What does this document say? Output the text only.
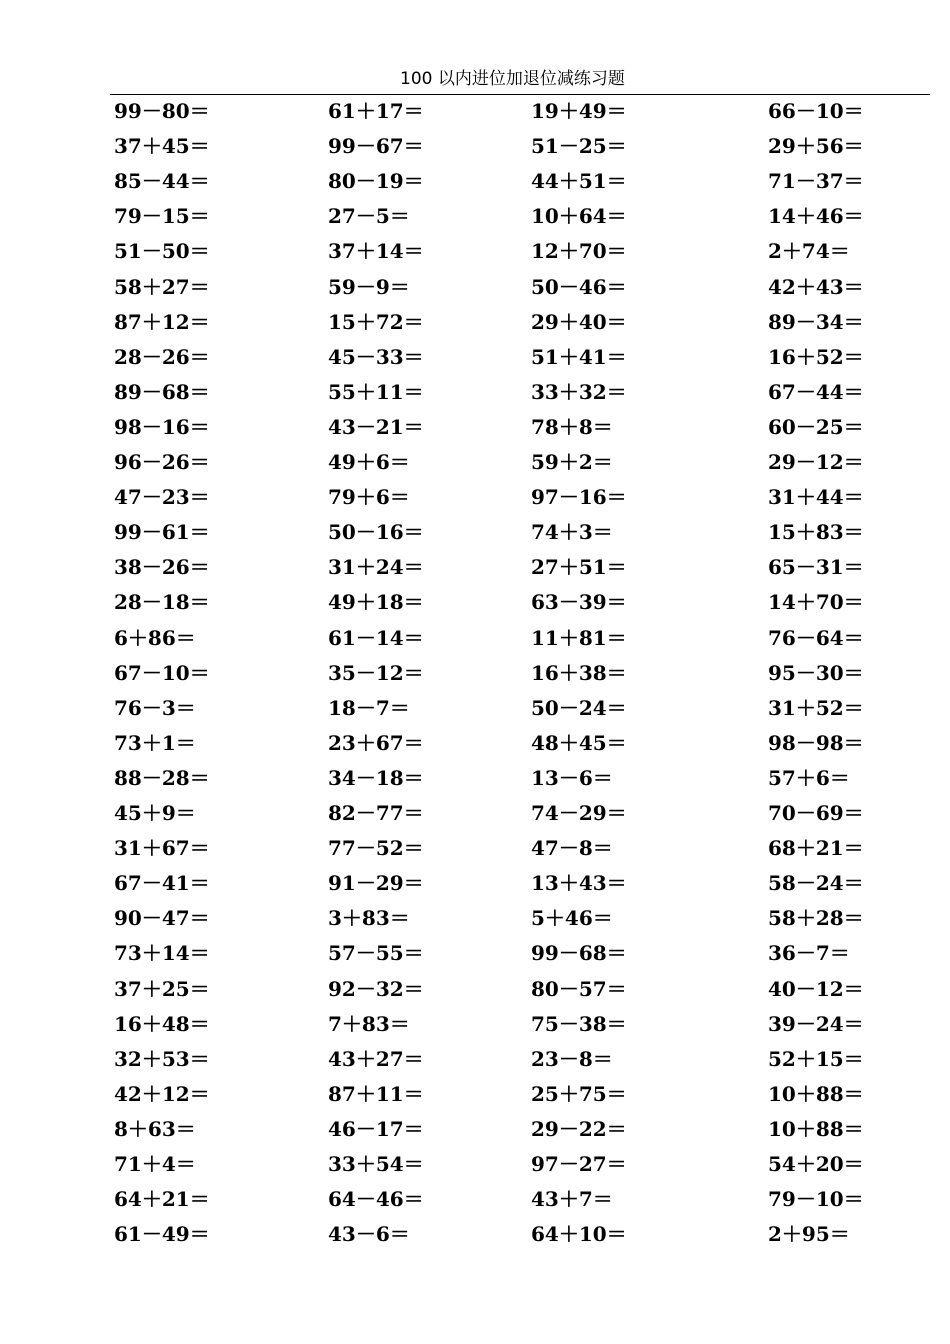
100 以内进位加退位减练习题
99－80＝	61＋17＝	19＋49＝	66－10＝
37＋45＝	99－67＝	51－25＝	29＋56＝
85－44＝	80－19＝	44＋51＝	71－37＝
79－15＝	27－5＝	10＋64＝	14＋46＝
51－50＝	37＋14＝	12＋70＝	2＋74＝
58＋27＝	59－9＝	50－46＝	42＋43＝
87＋12＝	15＋72＝	29＋40＝	89－34＝
28－26＝	45－33＝	51＋41＝	16＋52＝
89－68＝	55＋11＝	33＋32＝	67－44＝
98－16＝	43－21＝	78＋8＝	60－25＝
96－26＝	49＋6＝	59＋2＝	29－12＝
47－23＝	79＋6＝	97－16＝	31＋44＝
99－61＝	50－16＝	74＋3＝	15＋83＝
38－26＝	31＋24＝	27＋51＝	65－31＝
28－18＝	49＋18＝	63－39＝	14＋70＝
6＋86＝	61－14＝	11＋81＝	76－64＝
67－10＝	35－12＝	16＋38＝	95－30＝
76－3＝	18－7＝	50－24＝	31＋52＝
73＋1＝	23＋67＝	48＋45＝	98－98＝
88－28＝	34－18＝	13－6＝	57＋6＝
45＋9＝	82－77＝	74－29＝	70－69＝
31＋67＝	77－52＝	47－8＝	68＋21＝
67－41＝	91－29＝	13＋43＝	58－24＝
90－47＝	3＋83＝	5＋46＝	58＋28＝
73＋14＝	57－55＝	99－68＝	36－7＝
37＋25＝	92－32＝	80－57＝	40－12＝
16＋48＝	7＋83＝	75－38＝	39－24＝
32＋53＝	43＋27＝	23－8＝	52＋15＝
42＋12＝	87＋11＝	25＋75＝	10＋88＝
8＋63＝	46－17＝	29－22＝	10＋88＝
71＋4＝	33＋54＝	97－27＝	54＋20＝
64＋21＝	64－46＝	43＋7＝	79－10＝
61－49＝	43－6＝	64＋10＝	2＋95＝
